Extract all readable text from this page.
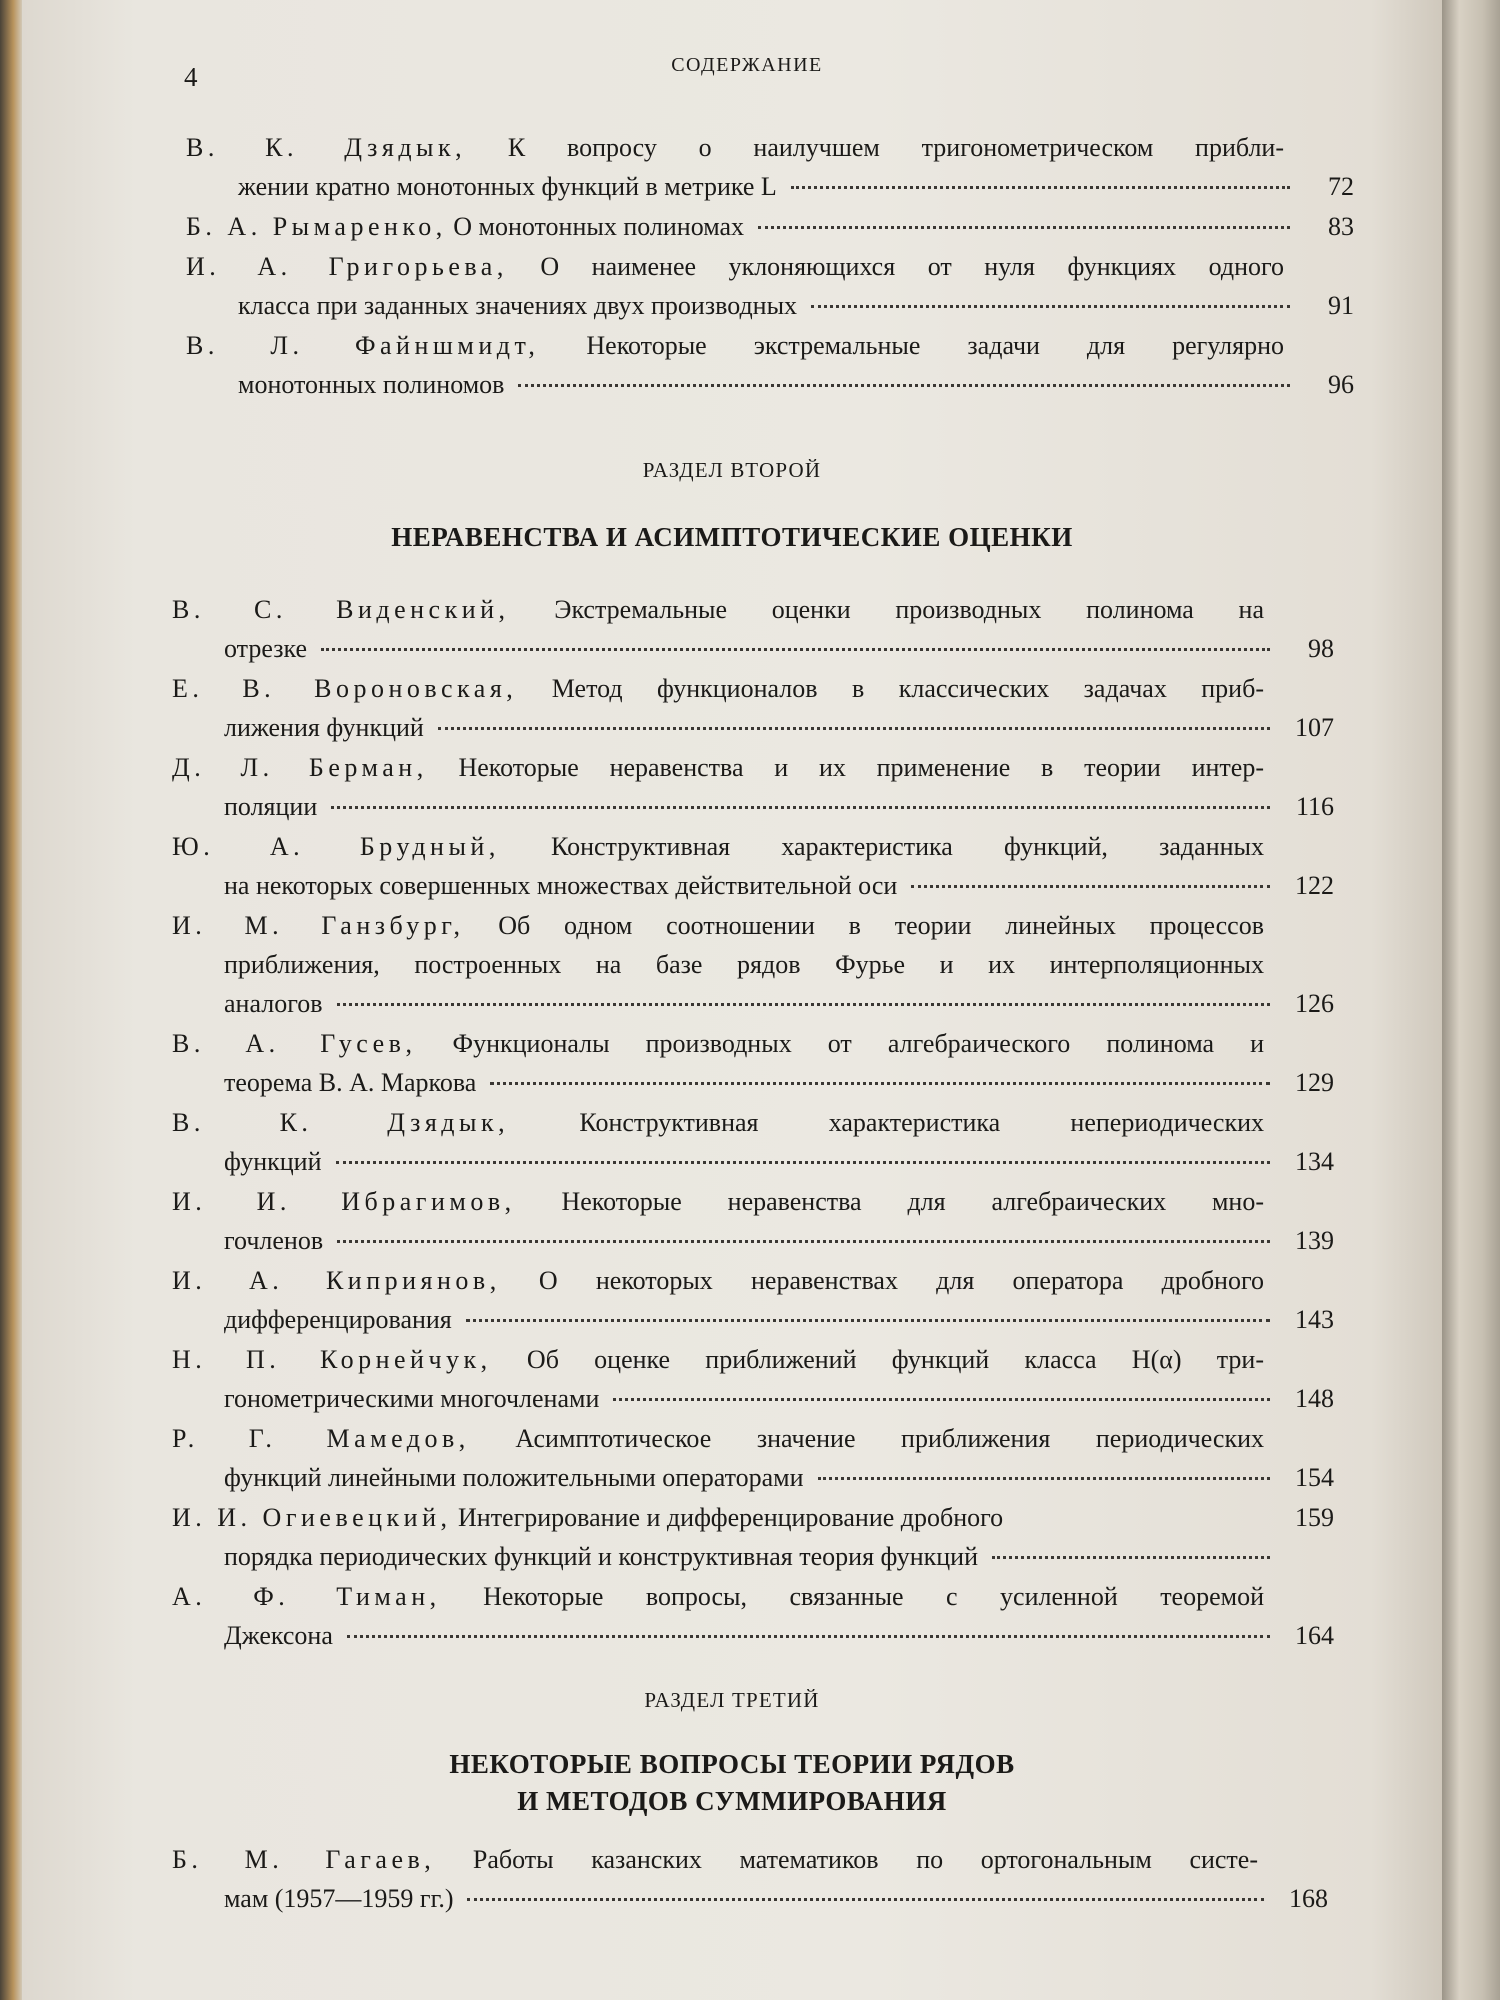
4	СОДЕРЖАНИЕ
В. К. Дзядык, К вопросу о наилучшем тригонометрическом прибли-
жении кратно монотонных функций в метрике L	72
Б. А. Рымаренко, О монотонных полиномах	83
И. А. Григорьева, О наименее уклоняющихся от нуля функциях одного
класса при заданных значениях двух производных	91
В. Л. Файншмидт, Некоторые экстремальные задачи для регулярно
монотонных полиномов	96
РАЗДЕЛ ВТОРОЙ
НЕРАВЕНСТВА И АСИМПТОТИЧЕСКИЕ ОЦЕНКИ
В. С. Виденский, Экстремальные оценки производных полинома на
отрезке	98
Е. В. Вороновская, Метод функционалов в классических задачах приб-
лижения функций	107
Д. Л. Берман, Некоторые неравенства и их применение в теории интер-
поляции	116
Ю. А. Брудный, Конструктивная характеристика функций, заданных
на некоторых совершенных множествах действительной оси	122
И. М. Ганзбург, Об одном соотношении в теории линейных процессов
приближения, построенных на базе рядов Фурье и их интерполяционных
аналогов	126
В. А. Гусев, Функционалы производных от алгебраического полинома и
теорема В. А. Маркова	129
В. К. Дзядык, Конструктивная характеристика непериодических
функций	134
И. И. Ибрагимов, Некоторые неравенства для алгебраических мно-
гочленов	139
И. А. Киприянов, О некоторых неравенствах для оператора дробного
дифференцирования	143
Н. П. Корнейчук, Об оценке приближений функций класса H(α) три-
гонометрическими многочленами	148
Р. Г. Мамедов, Асимптотическое значение приближения периодических
функций линейными положительными операторами	154
И. И. Огиевецкий, Интегрирование и дифференцирование дробного	159
порядка периодических функций и конструктивная теория функций
А. Ф. Тиман, Некоторые вопросы, связанные с усиленной теоремой
Джексона	164
РАЗДЕЛ ТРЕТИЙ
НЕКОТОРЫЕ ВОПРОСЫ ТЕОРИИ РЯДОВ
И МЕТОДОВ СУММИРОВАНИЯ
Б. М. Гагаев, Работы казанских математиков по ортогональным систе-
мам (1957—1959 гг.)	168
